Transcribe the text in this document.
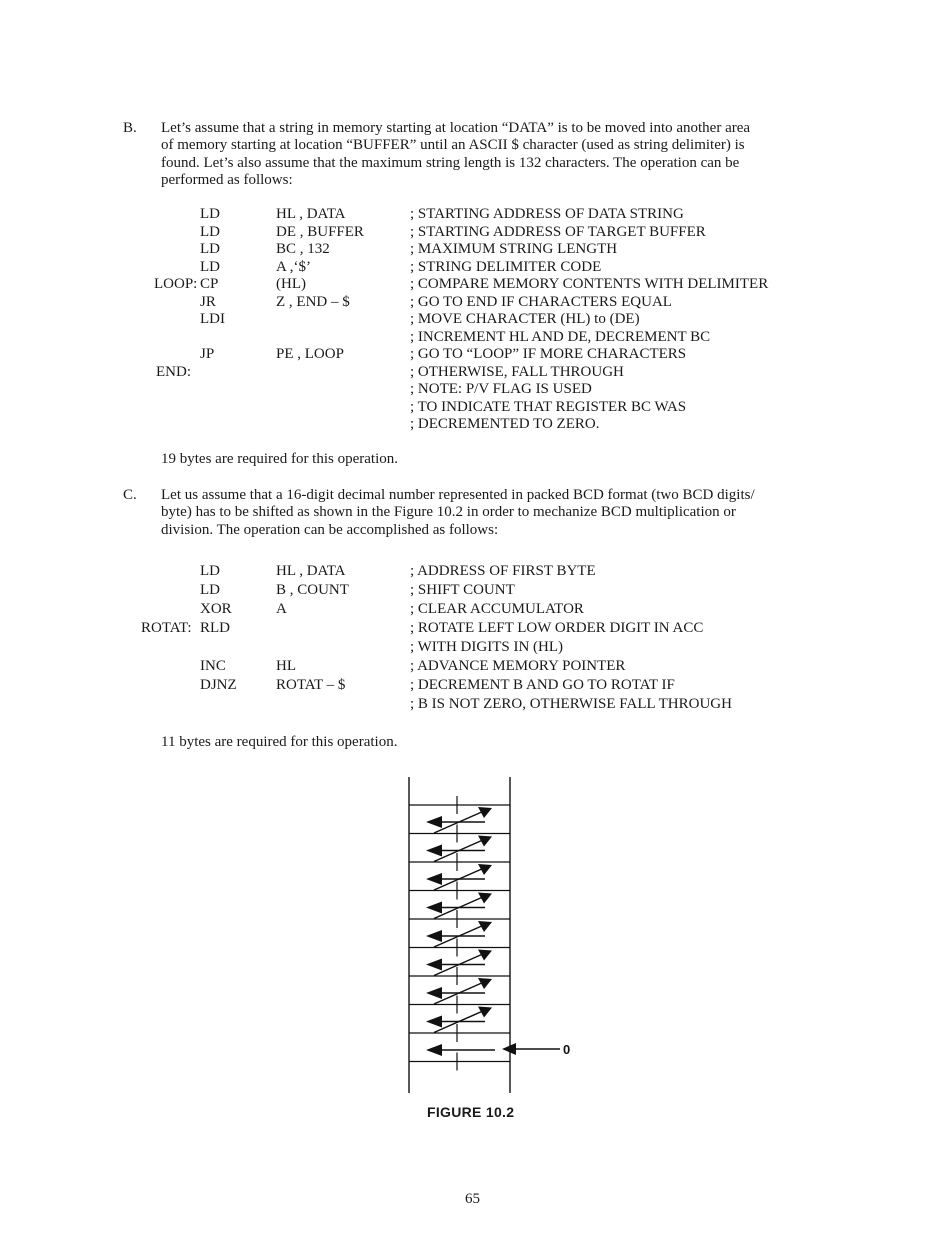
B. Let’s assume that a string in memory starting at location “DATA” is to be moved into another area

of memory starting at location “BUFFER” until an ASCII $ character (used as string delimiter) is

found. Let’s also assume that the maximum string length is 132 characters. The operation can be

performed as follows:

LD	HL , DATA	; STARTING ADDRESS OF DATA STRING
LD	DE , BUFFER	; STARTING ADDRESS OF TARGET BUFFER
LD	BC , 132	; MAXIMUM STRING LENGTH
LD	A ,‘$’	; STRING DELIMITER CODE
LOOP: CP	(HL)	; COMPARE MEMORY CONTENTS WITH DELIMITER
JR	Z , END – $	; GO TO END IF CHARACTERS EQUAL
LDI	; MOVE CHARACTER (HL) to (DE)
; INCREMENT HL AND DE, DECREMENT BC
JP	PE , LOOP	; GO TO “LOOP” IF MORE CHARACTERS
END:	; OTHERWISE, FALL THROUGH
; NOTE: P/V FLAG IS USED
; TO INDICATE THAT REGISTER BC WAS
; DECREMENTED TO ZERO.
19 bytes are required for this operation.
C. Let us assume that a 16-digit decimal number represented in packed BCD format (two BCD digits/

byte) has to be shifted as shown in the Figure 10.2 in order to mechanize BCD multiplication or

division. The operation can be accomplished as follows:

LD	HL , DATA	; ADDRESS OF FIRST BYTE
LD	B , COUNT	; SHIFT COUNT
XOR	A	; CLEAR ACCUMULATOR
ROTAT: RLD	; ROTATE LEFT LOW ORDER DIGIT IN ACC
; WITH DIGITS IN (HL)
INC	HL	; ADVANCE MEMORY POINTER
DJNZ	ROTAT – $	; DECREMENT B AND GO TO ROTAT IF
; B IS NOT ZERO, OTHERWISE FALL THROUGH
11 bytes are required for this operation.
0
FIGURE 10.2
65
